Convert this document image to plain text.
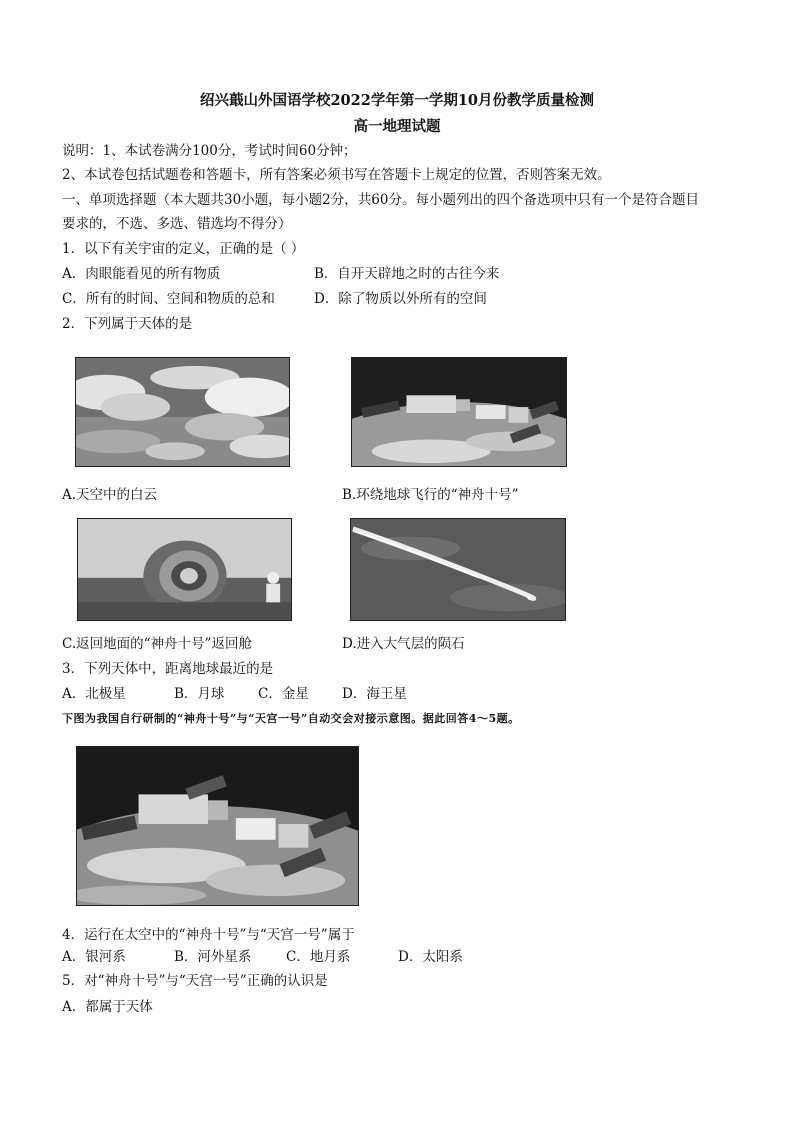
绍兴蕺山外国语学校2022学年第一学期10月份教学质量检测
高一地理试题
说明：1、本试卷满分100分，考试时间60分钟；
2、本试卷包括试题卷和答题卡，所有答案必须书写在答题卡上规定的位置，否则答案无效。
一、单项选择题（本大题共30小题，每小题2分，共60分。每小题列出的四个备选项中只有一个是符合题目
要求的，不选、多选、错选均不得分）
1．以下有关宇宙的定义，正确的是（ ）
A．肉眼能看见的所有物质	B．自开天辟地之时的古往今来
C．所有的时间、空间和物质的总和	D．除了物质以外所有的空间
2．下列属于天体的是
A.天空中的白云	B.环绕地球飞行的“神舟十号”
C.返回地面的“神舟十号”返回舱	D.进入大气层的陨石
3．下列天体中，距离地球最近的是
A．北极星	B．月球 C．金星 D．海王星
下图为我国自行研制的“神舟十号”与“天宫一号”自动交会对接示意图。据此回答4～5题。
4．运行在太空中的“神舟十号”与“天宫一号”属于
A．银河系	B．河外星系	C．地月系	D．太阳系
5．对“神舟十号”与“天宫一号”正确的认识是
A．都属于天体
